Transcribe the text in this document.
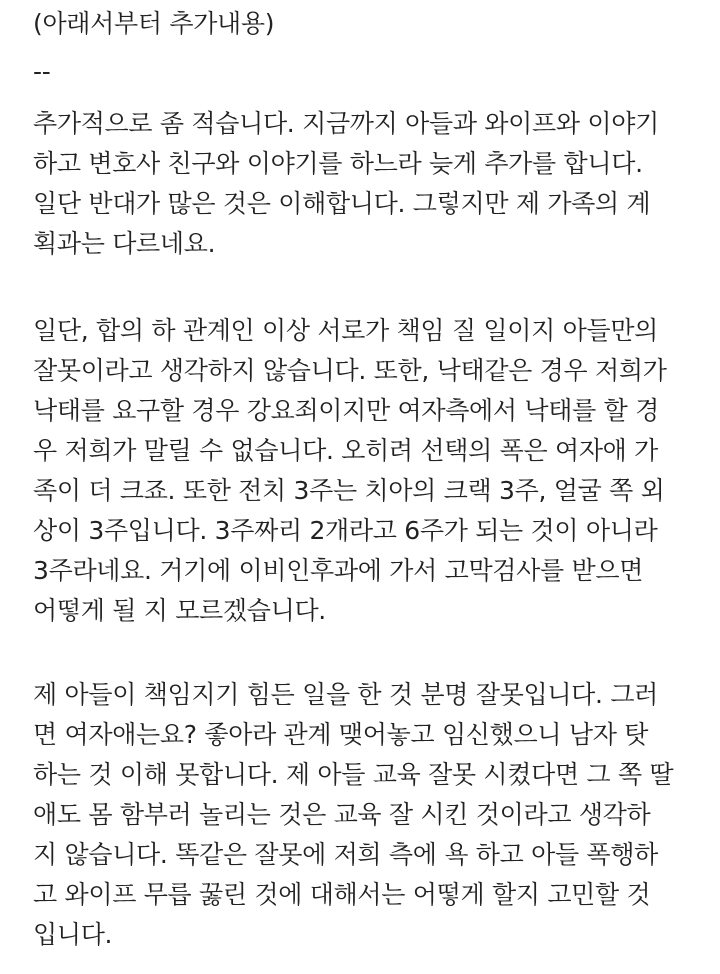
(아래서부터 추가내용)
--
추가적으로 좀 적습니다. 지금까지 아들과 와이프와 이야기
하고 변호사 친구와 이야기를 하느라 늦게 추가를 합니다.
일단 반대가 많은 것은 이해합니다. 그렇지만 제 가족의 계
획과는 다르네요.
일단, 합의 하 관계인 이상 서로가 책임 질 일이지 아들만의
잘못이라고 생각하지 않습니다. 또한, 낙태같은 경우 저희가
낙태를 요구할 경우 강요죄이지만 여자측에서 낙태를 할 경
우 저희가 말릴 수 없습니다. 오히려 선택의 폭은 여자애 가
족이 더 크죠. 또한 전치 3주는 치아의 크랙 3주, 얼굴 쪽 외
상이 3주입니다. 3주짜리 2개라고 6주가 되는 것이 아니라
3주라네요. 거기에 이비인후과에 가서 고막검사를 받으면
어떻게 될 지 모르겠습니다.
제 아들이 책임지기 힘든 일을 한 것 분명 잘못입니다. 그러
면 여자애는요? 좋아라 관계 맺어놓고 임신했으니 남자 탓
하는 것 이해 못합니다. 제 아들 교육 잘못 시켰다면 그 쪽 딸
애도 몸 함부러 놀리는 것은 교육 잘 시킨 것이라고 생각하
지 않습니다. 똑같은 잘못에 저희 측에 욕 하고 아들 폭행하
고 와이프 무릅 꿇린 것에 대해서는 어떻게 할지 고민할 것
입니다.
